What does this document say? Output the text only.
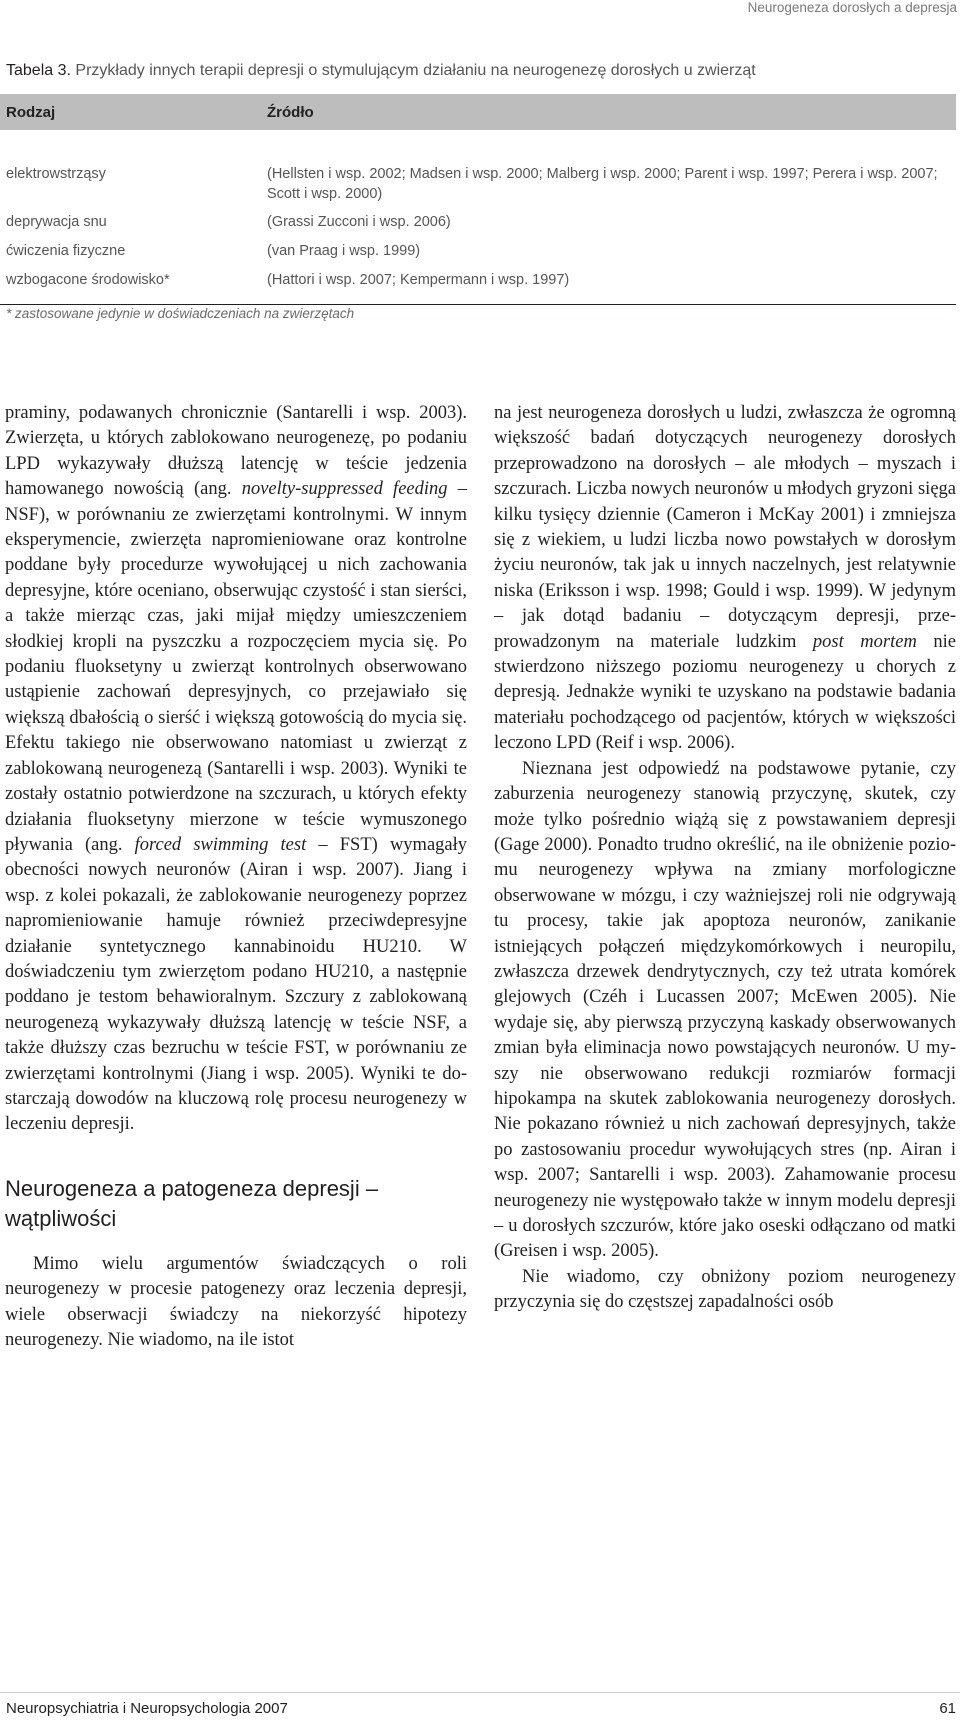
Neurogeneza dorosłych a depresja
Tabela 3. Przykłady innych terapii depresji o stymulującym działaniu na neurogenezę dorosłych u zwierząt
Rodzaj	Źródło
elektrowstrząsy	(Hellsten i wsp. 2002; Madsen i wsp. 2000; Malberg i wsp. 2000; Parent i wsp. 1997; Perera i wsp. 2007; Scott i wsp. 2000)
deprywacja snu	(Grassi Zucconi i wsp. 2006)
ćwiczenia fizyczne	(van Praag i wsp. 1999)
wzbogacone środowisko*	(Hattori i wsp. 2007; Kempermann i wsp. 1997)
* zastosowane jedynie w doświadczeniach na zwierzętach

praminy, podawanych chronicznie (Santarelli i wsp. 2003). Zwierzęta, u których zablokowano neurogenezę, po podaniu LPD wykazywały dłuższą latencję w teście jedzenia hamowanego nowością (ang. novelty-suppressed feeding – NSF), w porównaniu ze zwierzętami kontrolnymi. W innym eksperymencie, zwierzęta napromieniowane oraz kontrolne poddane były procedurze wywołującej u nich zachowania depresyjne, które oceniano, obserwując czystość i stan sierści, a także mierząc czas, jaki mijał między umieszczeniem słodkiej kropli na pyszczku a rozpoczęciem mycia się. Po podaniu fluoksetyny u zwierząt kontrolnych obserwowano ustąpienie zachowań depresyjnych, co przejawiało się większą dbałością o sierść i większą gotowością do mycia się. Efektu takiego nie obserwowano natomiast u zwierząt z zablokowaną neurogenezą (Santarelli i wsp. 2003). Wyniki te zostały ostatnio potwierdzone na szczurach, u których efekty działania fluoksetyny mierzone w teście wymuszonego pływania (ang. forced swimming test – FST) wymagały obecności nowych neuronów (Airan i wsp. 2007). Jiang i wsp. z kolei pokazali, że zablokowanie neurogenezy poprzez napromieniowanie hamuje również przeciwdepresyjne działanie syntetycznego kannabinoidu HU210. W doświadczeniu tym zwierzętom podano HU210, a następnie poddano je testom behawioralnym. Szczury z zablokowaną neurogenezą wykazywały dłuższą latencję w teście NSF, a także dłuższy czas bezruchu w teście FST, w porównaniu ze zwierzętami kontrolnymi (Jiang i wsp. 2005). Wyniki te dostarczają dowodów na kluczową rolę procesu neurogenezy w leczeniu depresji.

Neurogeneza a patogeneza depresji – wątpliwości

Mimo wielu argumentów świadczących o roli neurogenezy w procesie patogenezy oraz leczenia depresji, wiele obserwacji świadczy na niekorzyść hipotezy neurogenezy. Nie wiadomo, na ile istot

na jest neurogeneza dorosłych u ludzi, zwłaszcza że ogromną większość badań dotyczących neurogenezy dorosłych przeprowadzono na dorosłych – ale młodych – myszach i szczurach. Liczba nowych neuronów u młodych gryzoni sięga kilku tysięcy dziennie (Cameron i McKay 2001) i zmniejsza się z wiekiem, u ludzi liczba nowo powstałych w dorosłym życiu neuronów, tak jak u innych naczelnych, jest relatywnie niska (Eriksson i wsp. 1998; Gould i wsp. 1999). W jedynym – jak dotąd badaniu – dotyczącym depresji, przeprowadzonym na materiale ludzkim post mortem nie stwierdzono niższego poziomu neurogenezy u chorych z depresją. Jednakże wyniki te uzyskano na podstawie badania materiału pochodzącego od pacjentów, których w większości leczono LPD (Reif i wsp. 2006).

Nieznana jest odpowiedź na podstawowe pytanie, czy zaburzenia neurogenezy stanowią przyczynę, skutek, czy może tylko pośrednio wiążą się z powstawaniem depresji (Gage 2000). Ponadto trudno określić, na ile obniżenie poziomu neurogenezy wpływa na zmiany morfologiczne obserwowane w mózgu, i czy ważniejszej roli nie odgrywają tu procesy, takie jak apoptoza neuronów, zanikanie istniejących połączeń międzykomórkowych i neuropilu, zwłaszcza drzewek dendrytycznych, czy też utrata komórek glejowych (Czéh i Lucassen 2007; McEwen 2005). Nie wydaje się, aby pierwszą przyczyną kaskady obserwowanych zmian była eliminacja nowo powstających neuronów. U myszy nie obserwowano redukcji rozmiarów formacji hipokampa na skutek zablokowania neurogenezy dorosłych. Nie pokazano również u nich zachowań depresyjnych, także po zastosowaniu procedur wywołujących stres (np. Airan i wsp. 2007; Santarelli i wsp. 2003). Zahamowanie procesu neurogenezy nie występowało także w innym modelu depresji – u dorosłych szczurów, które jako oseski odłączano od matki (Greisen i wsp. 2005).

Nie wiadomo, czy obniżony poziom neurogenezy przyczynia się do częstszej zapadalności osób

Neuropsychiatria i Neuropsychologia 2007	61
